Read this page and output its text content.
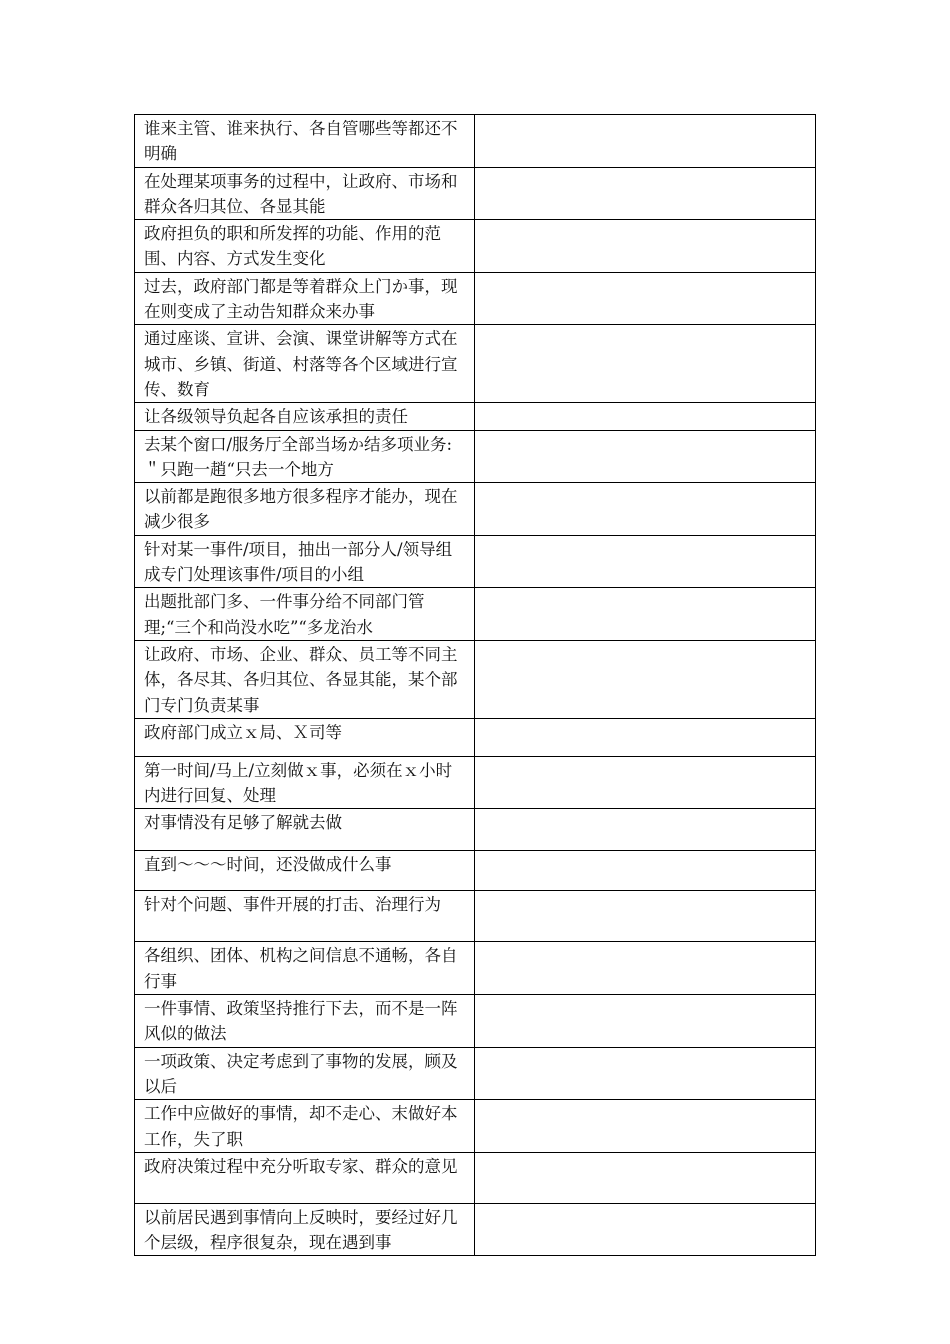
谁来主管、谁来执行、各自管哪些等都还不明确	
在处理某项事务的过程中，让政府、市场和群众各归其位、各显其能	
政府担负的职和所发挥的功能、作用的范围、内容、方式发生变化	
过去，政府部门都是等着群众上门か事，现在则变成了主动告知群众来办事	
通过座谈、宣讲、会演、课堂讲解等方式在城市、乡镇、街道、村落等各个区域进行宣传、数育	
让各级领导负起各自应该承担的责任	
去某个窗口/服务厅全部当场か结多项业务:＂只跑一趙“只去一个地方	
以前都是跑很多地方很多程序才能办，现在减少很多	
针对某一事件/项目，抽出一部分人/领导组成专门处理该事件/项目的小组	
出题批部门多、一件事分给不同部门管理;“三个和尚没水吃”“多龙治水	
让政府、市场、企业、群众、员工等不同主体，各尽其、各归其位、各显其能，某个部门专门负责某事	
政府部门成立ｘ局、Ｘ司等	
第一时间/马上/立刻做ｘ事，必须在ｘ小时内进行回复、处理	
对事情没有足够了解就去做	
直到～～～时间，还没做成什么事	
针对个问题、事件开展的打击、治理行为	
各组织、团体、机构之间信息不通畅，各自行事	
一件事情、政策坚持推行下去，而不是一阵风似的做法	
一项政策、决定考虑到了事物的发展，顾及以后	
工作中应做好的事情，却不走心、末做好本工作，失了职	
政府决策过程中充分听取专家、群众的意见	
以前居民遇到事情向上反映时，要经过好几个层级，程序很复杂，现在遇到事	
